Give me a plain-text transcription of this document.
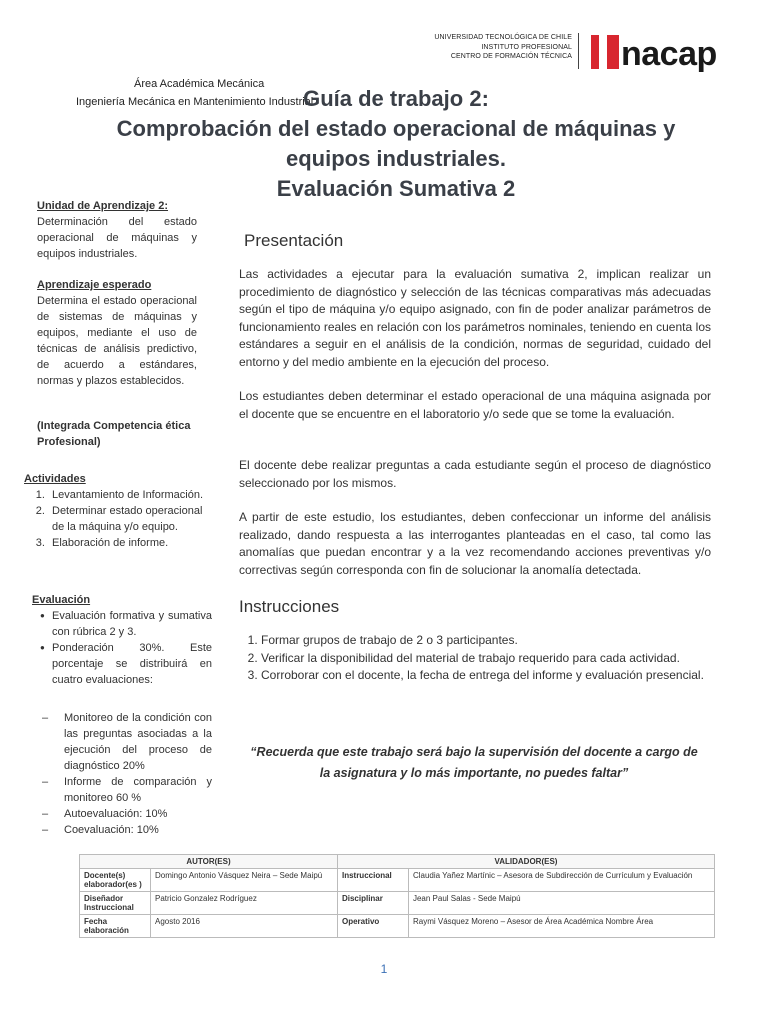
UNIVERSIDAD TECNOLÓGICA DE CHILE
INSTITUTO PROFESIONAL
CENTRO DE FORMACIÓN TÉCNICA nacap
Área Académica Mecánica
Ingeniería Mecánica en Mantenimiento Industrial
Guía de trabajo 2:
Comprobación del estado operacional de máquinas y equipos industriales.
Evaluación Sumativa 2
Unidad de Aprendizaje 2:
Determinación del estado operacional de máquinas y equipos industriales.
Aprendizaje esperado
Determina el estado operacional de sistemas de máquinas y equipos, mediante el uso de técnicas de análisis predictivo, de acuerdo a estándares, normas y plazos establecidos.
(Integrada Competencia ética Profesional)
Actividades
1. Levantamiento de Información.
2. Determinar estado operacional de la máquina y/o equipo.
3. Elaboración de informe.
Evaluación
● Evaluación formativa y sumativa con rúbrica 2 y 3.
● Ponderación 30%. Este porcentaje se distribuirá en cuatro evaluaciones:
– Monitoreo de la condición con las preguntas asociadas a la ejecución del proceso de diagnóstico 20%
– Informe de comparación y monitoreo 60 %
– Autoevaluación: 10%
– Coevaluación: 10%
Presentación
Las actividades a ejecutar para la evaluación sumativa 2, implican realizar un procedimiento de diagnóstico y selección de las técnicas comparativas más adecuadas según el tipo de máquina y/o equipo asignado, con fin de poder analizar parámetros de funcionamiento reales en relación con los parámetros nominales, teniendo en cuenta los estándares a seguir en el análisis de la condición, normas de seguridad, cuidado del entorno y del medio ambiente en la ejecución del proceso.
Los estudiantes deben determinar el estado operacional de una máquina asignada por el docente que se encuentre en el laboratorio y/o sede que se tome la evaluación.
El docente debe realizar preguntas a cada estudiante según el proceso de diagnóstico seleccionado por los mismos.
A partir de este estudio, los estudiantes, deben confeccionar un informe del análisis realizado, dando respuesta a las interrogantes planteadas en el caso, tal como las anomalías que puedan encontrar y a la vez recomendando acciones preventivas y/o correctivas según corresponda con fin de solucionar la anomalía detectada.
Instrucciones
1. Formar grupos de trabajo de 2 o 3 participantes.
2. Verificar la disponibilidad del material de trabajo requerido para cada actividad.
3. Corroborar con el docente, la fecha de entrega del informe y evaluación presencial.
“Recuerda que este trabajo será bajo la supervisión del docente a cargo de la asignatura y lo más importante, no puedes faltar”
AUTOR(ES)		VALIDADOR(ES)	
Docente(s) elaborador(es )	Domingo Antonio Vásquez Neira – Sede Maipú	Instruccional	Claudia Yañez Martínic – Asesora de Subdirección de Currículum y Evaluación
Diseñador Instruccional	Patricio Gonzalez Rodríguez	Disciplinar	Jean Paul Salas - Sede Maipú
Fecha elaboración	Agosto 2016	Operativo	Raymi Vásquez Moreno – Asesor de Área Académica Nombre Área
1
